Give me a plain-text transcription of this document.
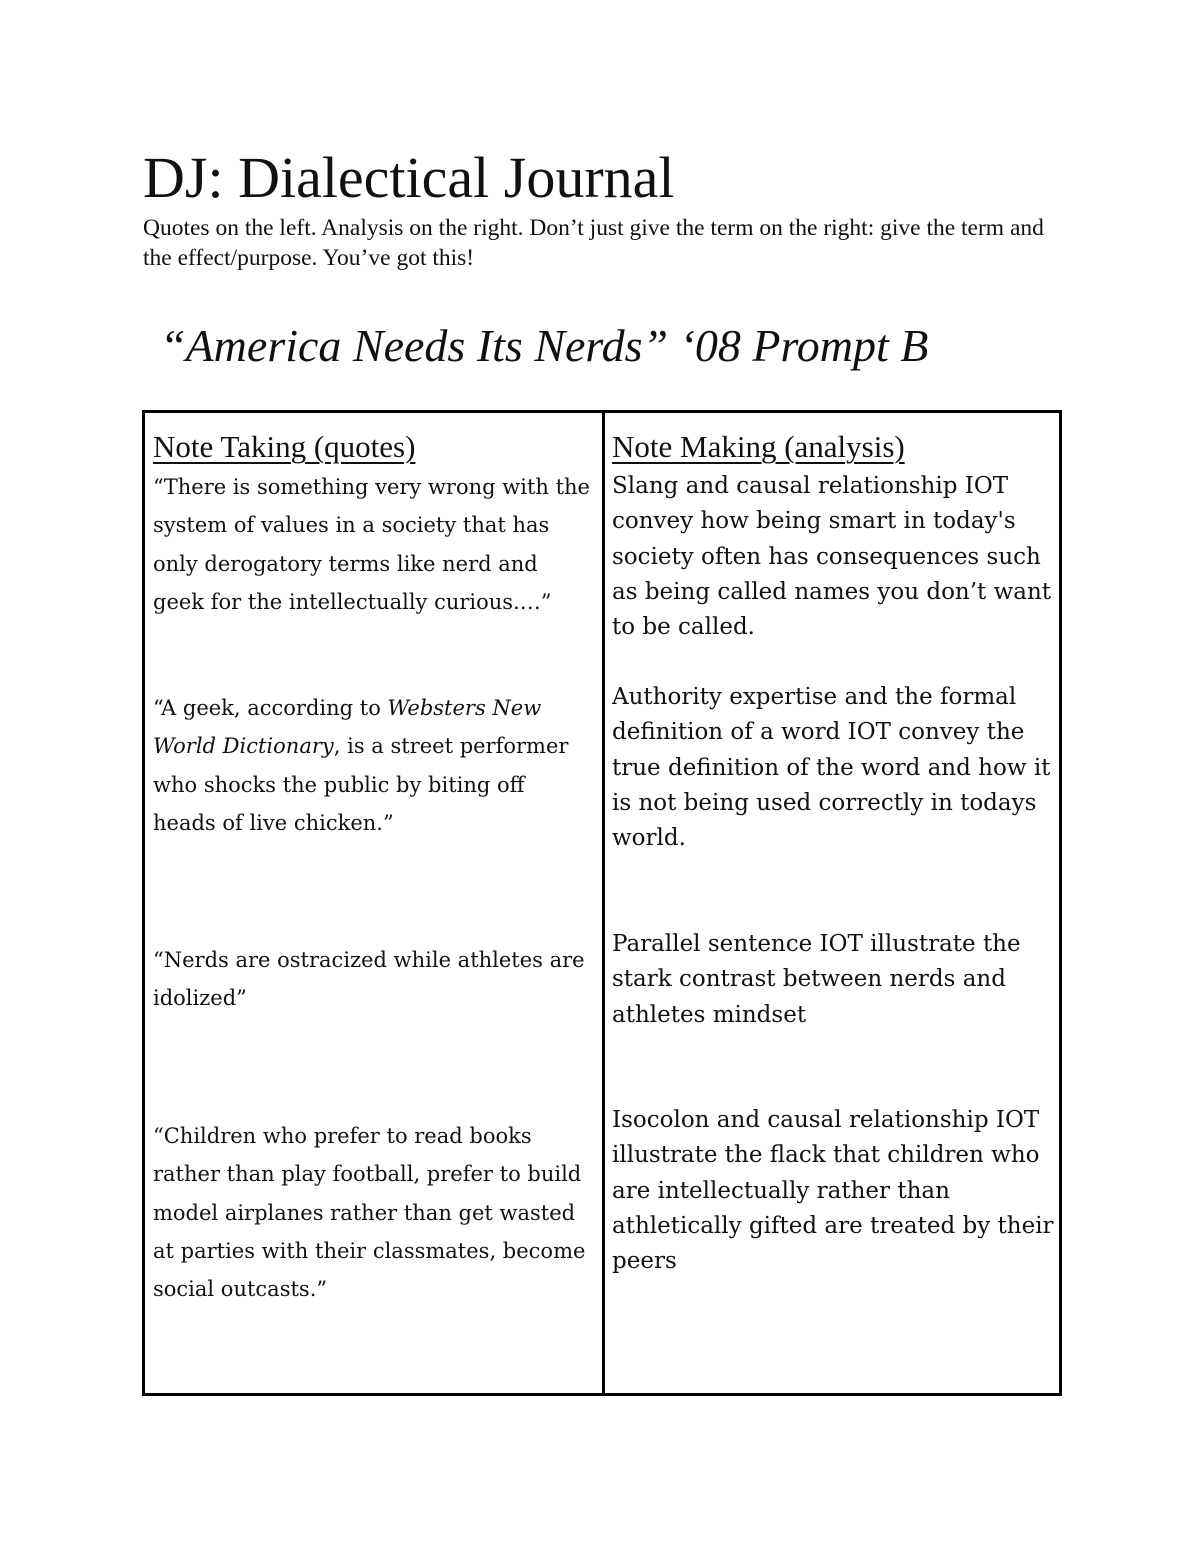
DJ: Dialectical Journal

Quotes on the left. Analysis on the right. Don’t just give the term on the right: give the term and the effect/purpose. You’ve got this!

“America Needs Its Nerds” ‘08 Prompt B
Note Taking (quotes)	Note Making (analysis)

“There is something very wrong with the system of values in a society that has only derogatory terms like nerd and geek for the intellectually curious.…”

Slang and causal relationship IOT convey how being smart in today's society often has consequences such as being called names you don’t want to be called.

“A geek, according to Websters New World Dictionary, is a street performer who shocks the public by biting off heads of live chicken.”

Authority expertise and the formal definition of a word IOT convey the true definition of the word and how it is not being used correctly in todays world.

“Nerds are ostracized while athletes are idolized”

Parallel sentence IOT illustrate the stark contrast between nerds and athletes mindset

“Children who prefer to read books rather than play football, prefer to build model airplanes rather than get wasted at parties with their classmates, become social outcasts.”

Isocolon and causal relationship IOT illustrate the flack that children who are intellectually rather than athletically gifted are treated by their peers
